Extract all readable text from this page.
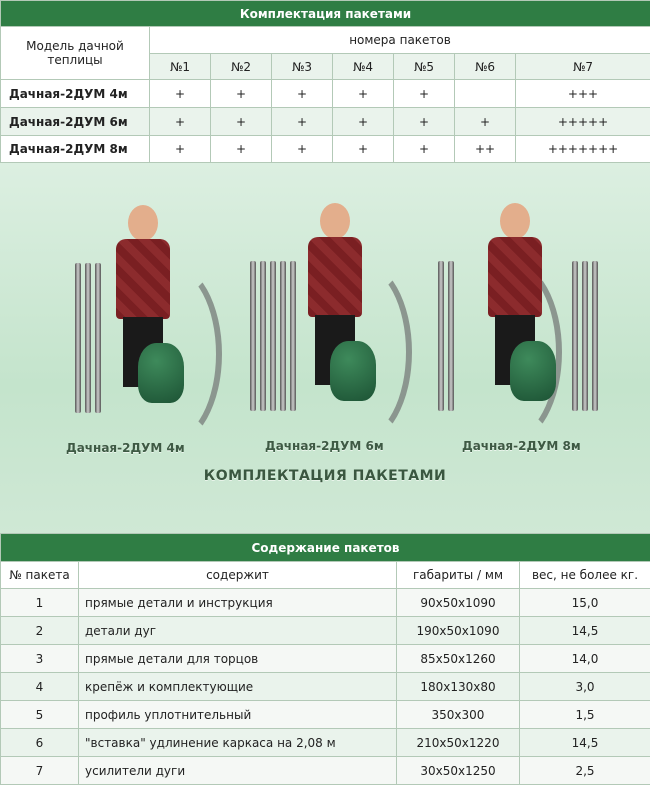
Комплектация пакетами							
Модель дачной теплицы	номера пакетов						
	№1	№2	№3	№4	№5	№6	№7
Дачная-2ДУМ 4м	+	+	+	+	+		+++
Дачная-2ДУМ 6м	+	+	+	+	+	+	+++++
Дачная-2ДУМ 8м	+	+	+	+	+	++	+++++++
Дачная-2ДУМ 4м	Дачная-2ДУМ 6м	Дачная-2ДУМ 8м
КОМПЛЕКТАЦИЯ ПАКЕТАМИ
Содержание пакетов			
№ пакета	содержит	габариты / мм	вес, не более кг.
1	прямые детали и инструкция	90x50x1090	15,0
2	детали дуг	190x50x1090	14,5
3	прямые детали для торцов	85x50x1260	14,0
4	крепёж и комплектующие	180x130x80	3,0
5	профиль уплотнительный	350x300	1,5
6	"вставка" удлинение каркаса на 2,08 м	210x50x1220	14,5
7	усилители дуги	30x50x1250	2,5
